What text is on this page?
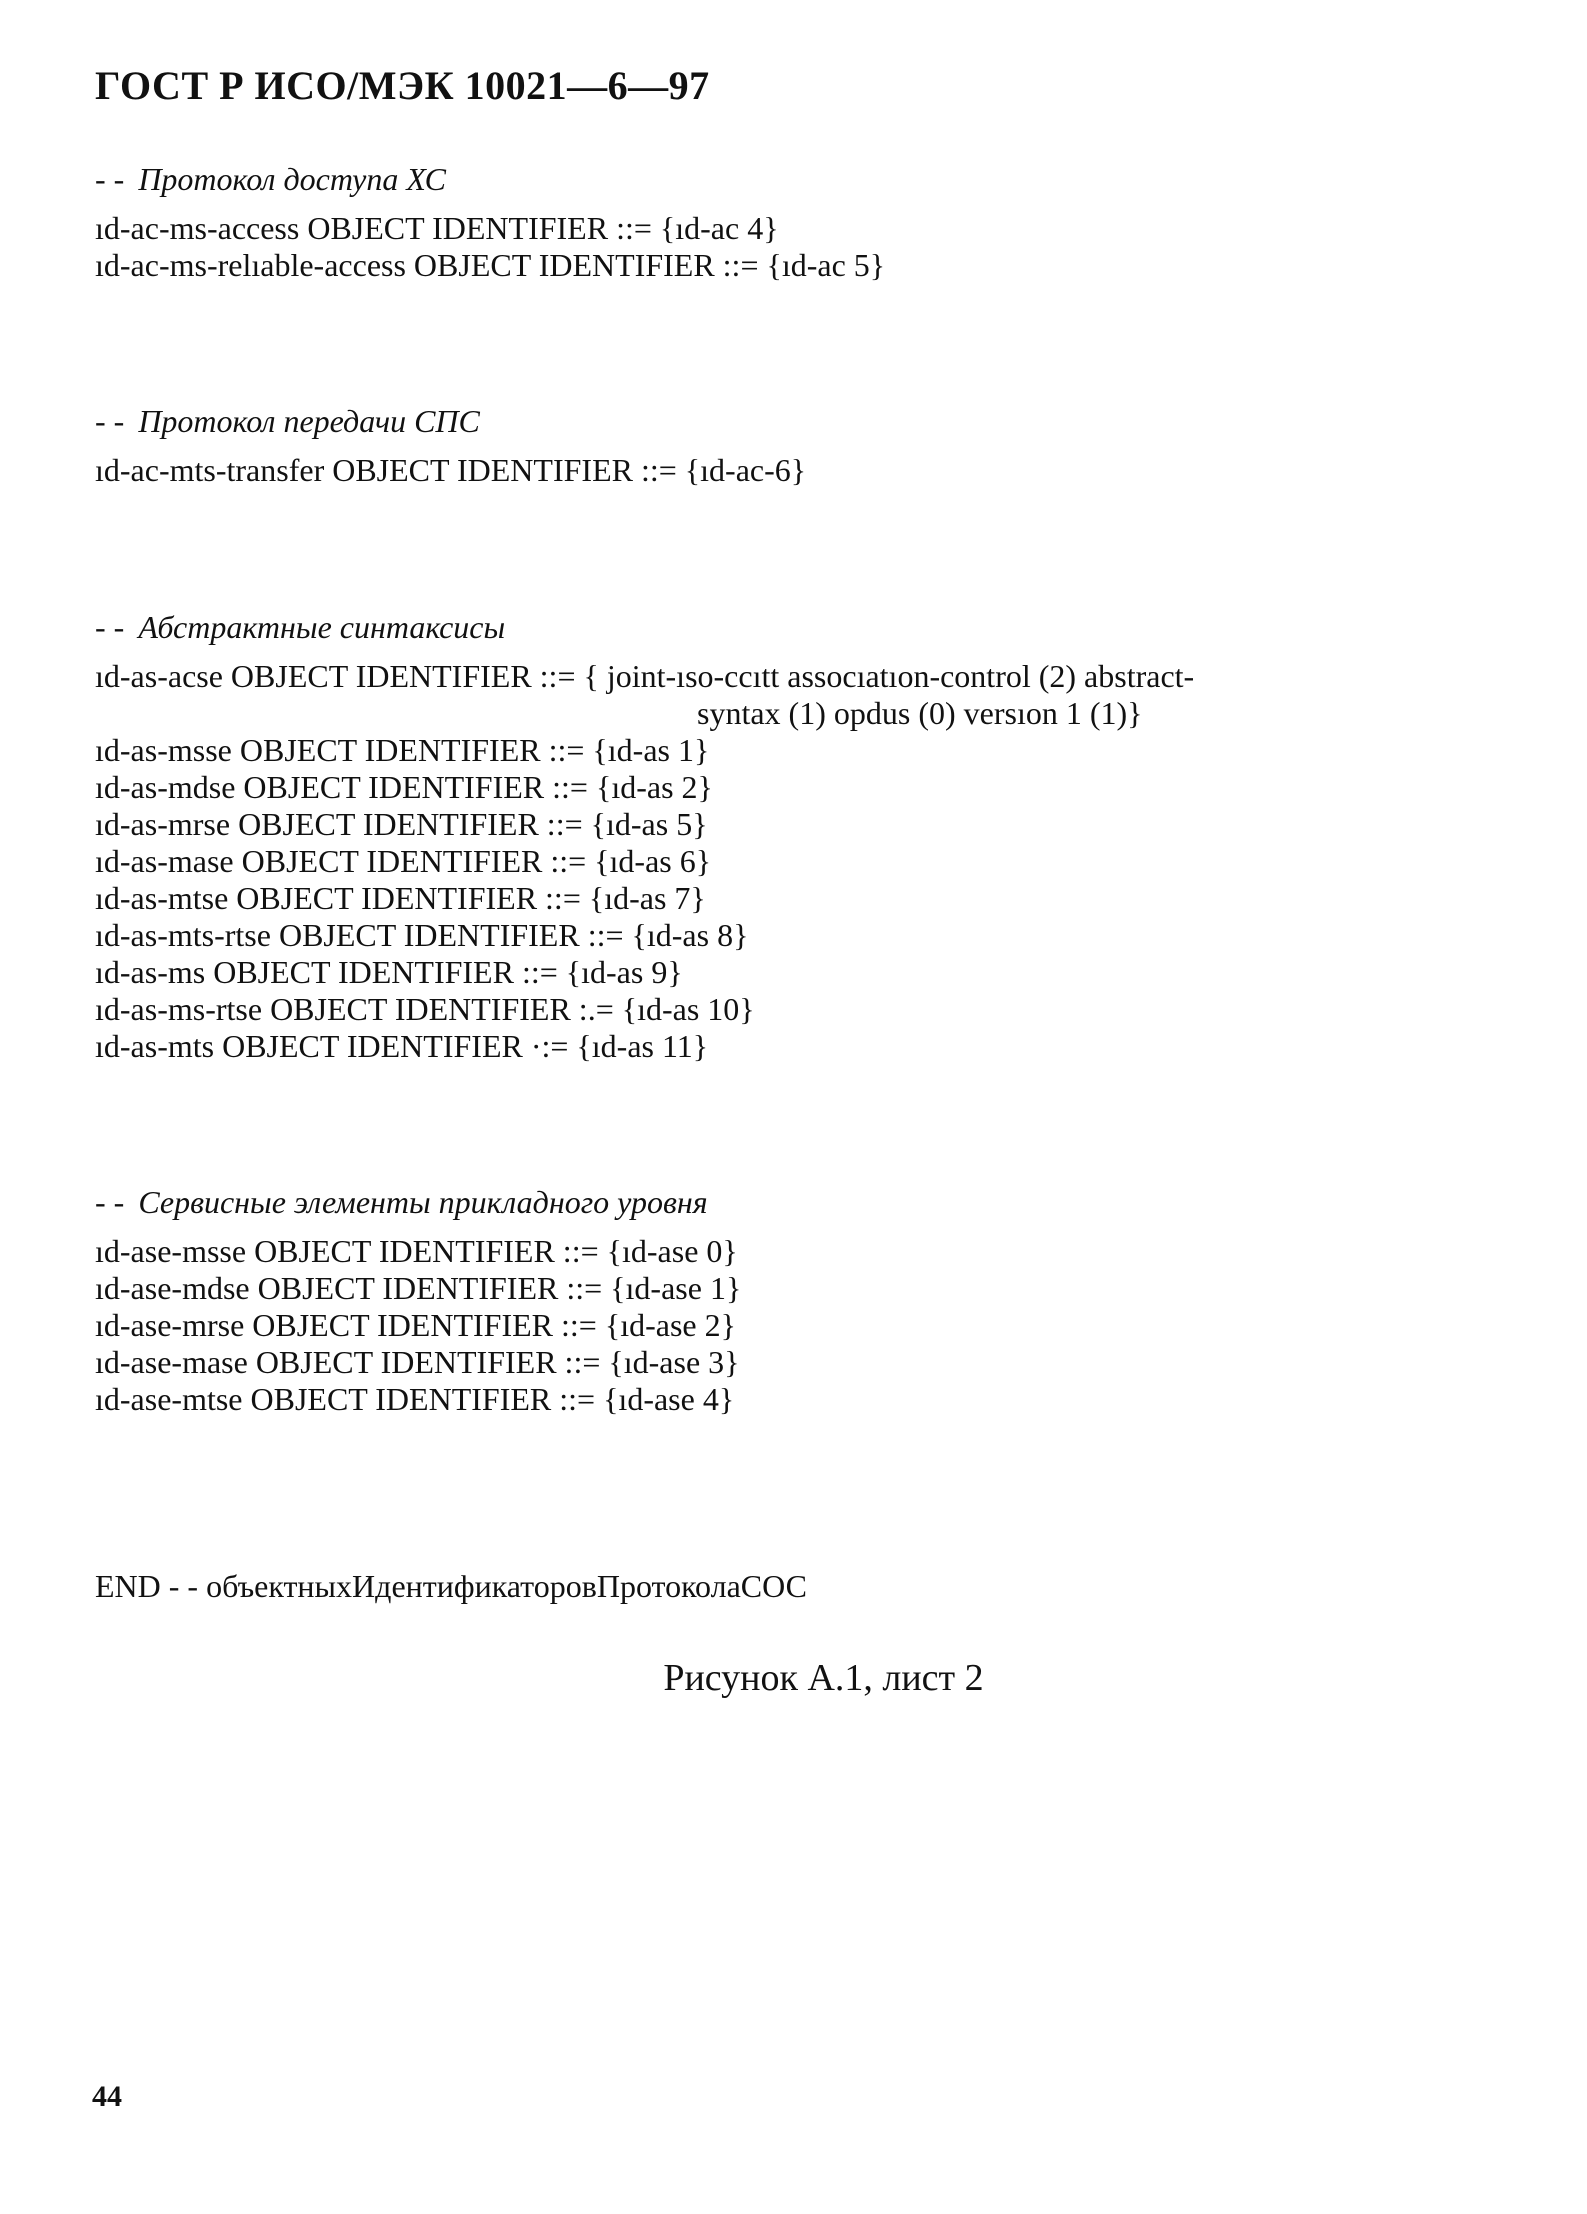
ГОСТ Р ИСО/МЭК 10021—6—97
- - Протокол доступа ХС
ıd-ac-ms-access OBJECT IDENTIFIER ::= {ıd-ac 4}
ıd-ac-ms-relıable-access OBJECT IDENTIFIER ::= {ıd-ac 5}
- - Протокол передачи СПС
ıd-ac-mts-transfer OBJECT IDENTIFIER ::= {ıd-ac-6}
- - Абстрактные синтаксисы
ıd-as-acse OBJECT IDENTIFIER ::= { joint-ıso-ccıtt assocıatıon-control (2) abstract-
syntax (1) opdus (0) versıon 1 (1)}
ıd-as-msse OBJECT IDENTIFIER ::= {ıd-as 1}
ıd-as-mdse OBJECT IDENTIFIER ::= {ıd-as 2}
ıd-as-mrse OBJECT IDENTIFIER ::= {ıd-as 5}
ıd-as-mase OBJECT IDENTIFIER ::= {ıd-as 6}
ıd-as-mtse OBJECT IDENTIFIER ::= {ıd-as 7}
ıd-as-mts-rtse OBJECT IDENTIFIER ::= {ıd-as 8}
ıd-as-ms OBJECT IDENTIFIER ::= {ıd-as 9}
ıd-as-ms-rtse OBJECT IDENTIFIER :.= {ıd-as 10}
ıd-as-mts OBJECT IDENTIFIER ·:= {ıd-as 11}
- - Сервисные элементы прикладного уровня
ıd-ase-msse OBJECT IDENTIFIER ::= {ıd-ase 0}
ıd-ase-mdse OBJECT IDENTIFIER ::= {ıd-ase 1}
ıd-ase-mrse OBJECT IDENTIFIER ::= {ıd-ase 2}
ıd-ase-mase OBJECT IDENTIFIER ::= {ıd-ase 3}
ıd-ase-mtse OBJECT IDENTIFIER ::= {ıd-ase 4}
END - - объектныхИдентификаторовПротоколаСОС
Рисунок А.1, лист 2
44
